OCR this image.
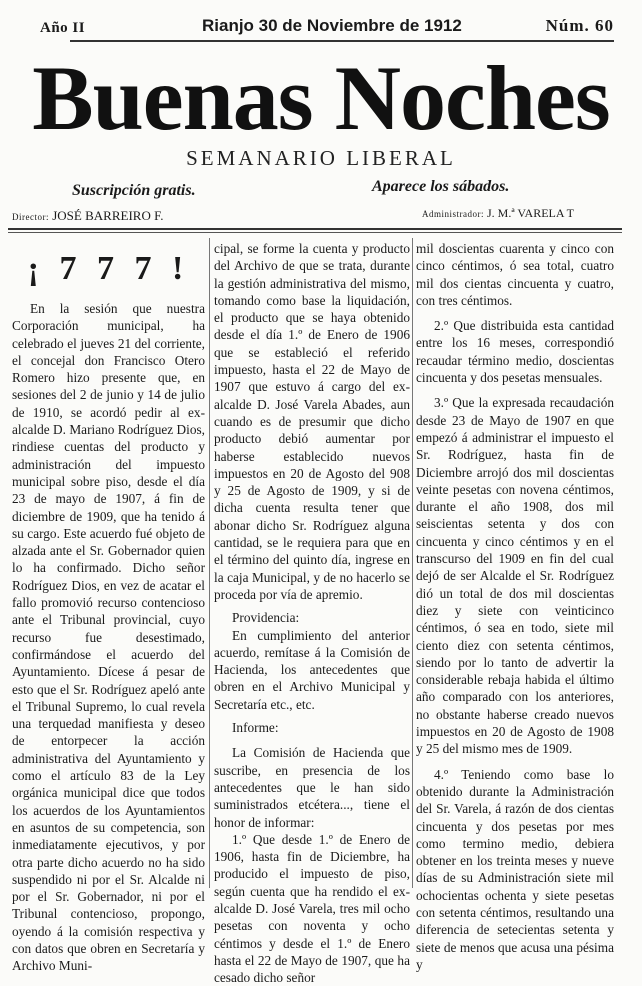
Año II	Rianjo 30 de Noviembre de 1912	Núm. 60
Buenas Noches
SEMANARIO LIBERAL
Suscripción gratis.	Aparece los sábados.
Director: JOSÉ BARREIRO F.	Administrador: J. M.ª VARELA T
¡ 7 7 7 !

En la sesión que nuestra Corporación municipal, ha celebrado el jueves 21 del corriente, el concejal don Francisco Otero Romero hizo presente que, en sesiones del 2 de junio y 14 de julio de 1910, se acordó pedir al ex-alcalde D. Mariano Rodríguez Dios, rindiese cuentas del producto y administración del impuesto municipal sobre piso, desde el día 23 de mayo de 1907, á fin de diciembre de 1909, que ha tenido á su cargo. Este acuerdo fué objeto de alzada ante el Sr. Gobernador quien lo ha confirmado. Dicho señor Rodríguez Dios, en vez de acatar el fallo promovió recurso contencioso ante el Tribunal provincial, cuyo recurso fue desestimado, confirmándose el acuerdo del Ayuntamiento. Dícese á pesar de esto que el Sr. Rodríguez apeló ante el Tribunal Supremo, lo cual revela una terquedad manifiesta y deseo de entorpecer la acción administrativa del Ayuntamiento y como el artículo 83 de la Ley orgánica municipal dice que todos los acuerdos de los Ayuntamientos en asuntos de su competencia, son inmediatamente ejecutivos, y por otra parte dicho acuerdo no ha sido suspendido ni por el Sr. Alcalde ni por el Sr. Gobernador, ni por el Tribunal contencioso, propongo, oyendo á la comisión respectiva y con datos que obren en Secretaría y Archivo Muni-

cipal, se forme la cuenta y producto del Archivo de que se trata, durante la gestión administrativa del mismo, tomando como base la liquidación, el producto que se haya obtenido desde el día 1.º de Enero de 1906 que se estableció el referido impuesto, hasta el 22 de Mayo de 1907 que estuvo á cargo del ex-alcalde D. José Varela Abades, aun cuando es de presumir que dicho producto debió aumentar por haberse establecido nuevos impuestos en 20 de Agosto del 908 y 25 de Agosto de 1909, y si de dicha cuenta resulta tener que abonar dicho Sr. Rodríguez alguna cantidad, se le requiera para que en el término del quinto día, ingrese en la caja Municipal, y de no hacerlo se proceda por vía de apremio.

Providencia:

En cumplimiento del anterior acuerdo, remítase á la Comisión de Hacienda, los antecedentes que obren en el Archivo Municipal y Secretaría etc., etc.

Informe:

La Comisión de Hacienda que suscribe, en presencia de los antecedentes que le han sido suministrados etcétera..., tiene el honor de informar:

1.º Que desde 1.º de Enero de 1906, hasta fin de Diciembre, ha producido el impuesto de piso, según cuenta que ha rendido el ex-alcalde D. José Varela, tres mil ocho pesetas con noventa y ocho céntimos y desde el 1.º de Enero hasta el 22 de Mayo de 1907, que ha cesado dicho señor

mil doscientas cuarenta y cinco con cinco céntimos, ó sea total, cuatro mil dos cientas cincuenta y cuatro, con tres céntimos.

2.º Que distribuida esta cantidad entre los 16 meses, correspondió recaudar término medio, doscientas cincuenta y dos pesetas mensuales.

3.º Que la expresada recaudación desde 23 de Mayo de 1907 en que empezó á administrar el impuesto el Sr. Rodríguez, hasta fin de Diciembre arrojó dos mil doscientas veinte pesetas con novena céntimos, durante el año 1908, dos mil seiscientas setenta y dos con cincuenta y cinco céntimos y en el transcurso del 1909 en fin del cual dejó de ser Alcalde el Sr. Rodríguez dió un total de dos mil doscientas diez y siete con veinticinco céntimos, ó sea en todo, siete mil ciento diez con setenta céntimos, siendo por lo tanto de advertir la considerable rebaja habida el último año comparado con los anteriores, no obstante haberse creado nuevos impuestos en 20 de Agosto de 1908 y 25 del mismo mes de 1909.

4.º Teniendo como base lo obtenido durante la Administración del Sr. Varela, á razón de dos cientas cincuenta y dos pesetas por mes como termino medio, debiera obtener en los treinta meses y nueve días de su Administración siete mil ochocientas ochenta y siete pesetas con setenta céntimos, resultando una diferencia de setecientas setenta y siete de menos que acusa una pésima y
